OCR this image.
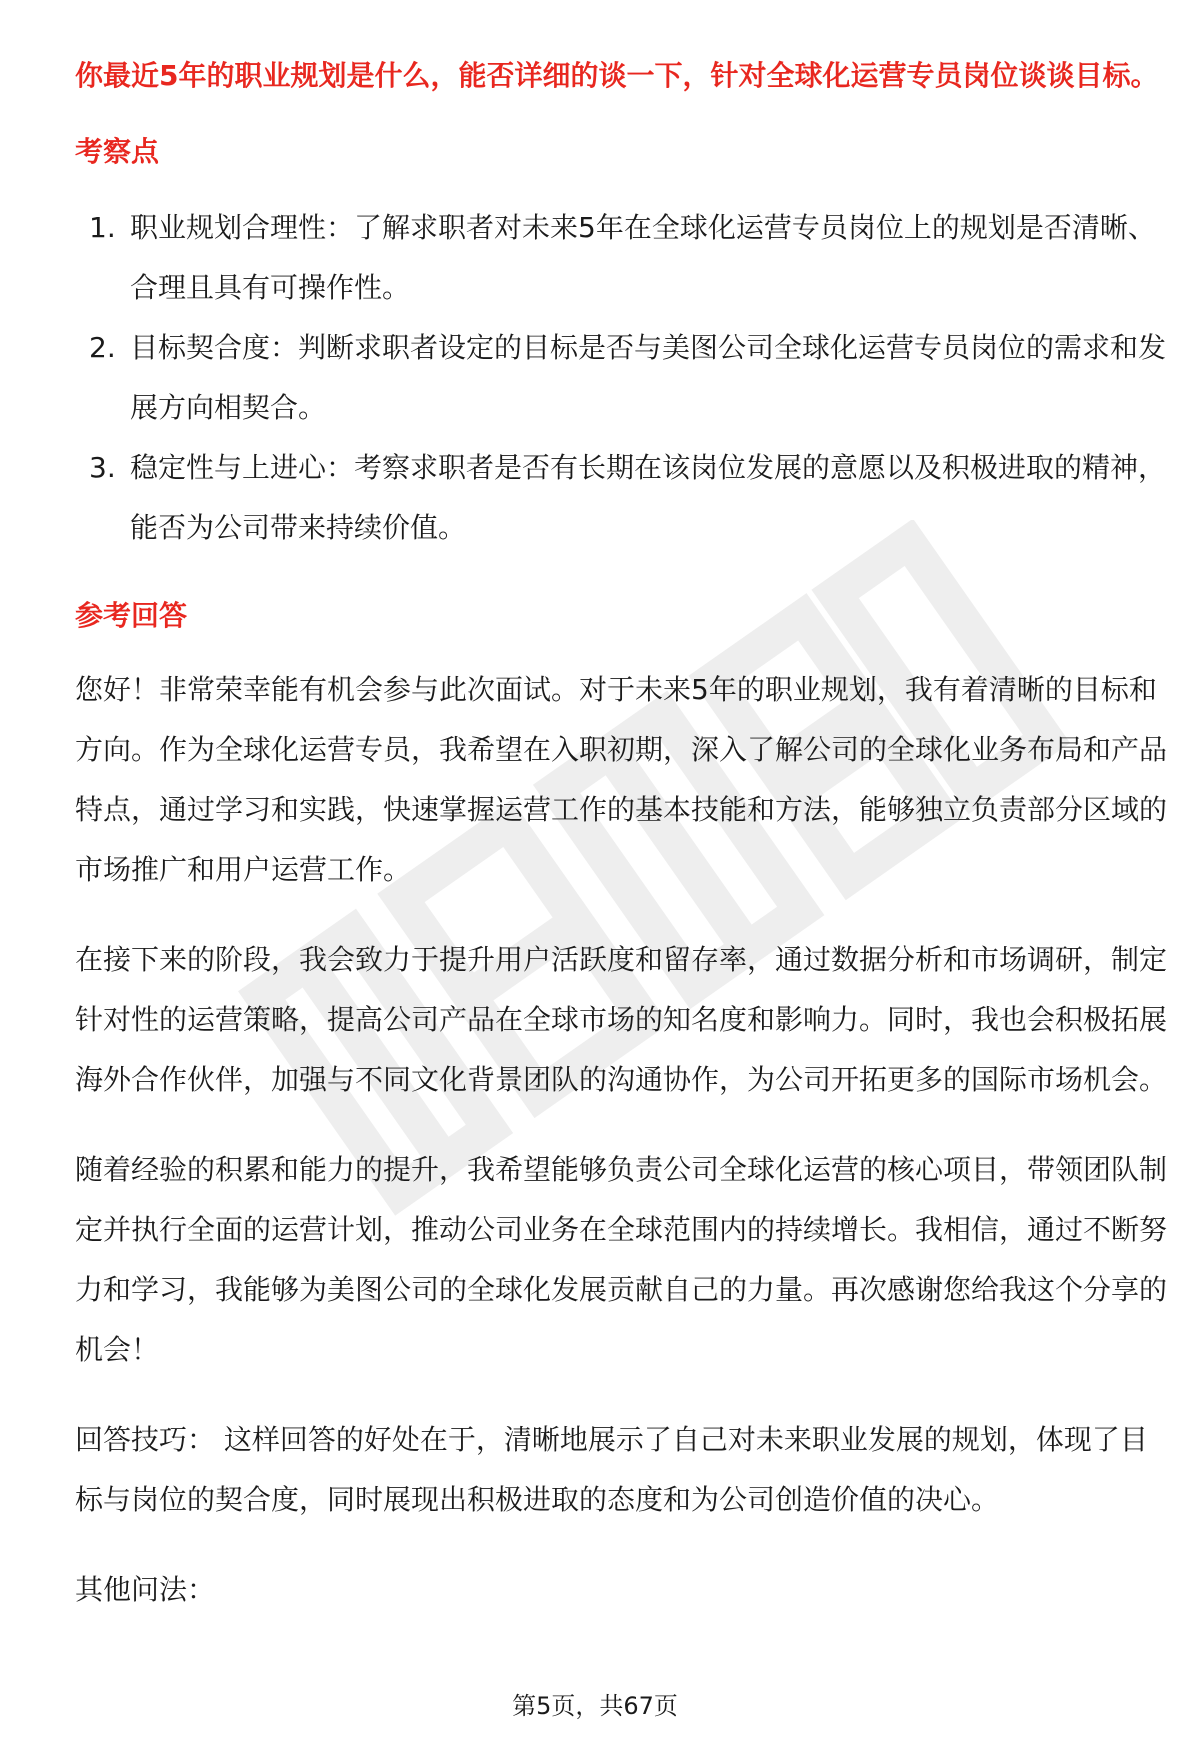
你最近5年的职业规划是什么，能否详细的谈一下，针对全球化运营专员岗位谈谈目标。

考察点
1. 职业规划合理性：了解求职者对未来5年在全球化运营专员岗位上的规划是否清晰、合理且具有可操作性。
2. 目标契合度：判断求职者设定的目标是否与美图公司全球化运营专员岗位的需求和发展方向相契合。
3. 稳定性与上进心：考察求职者是否有长期在该岗位发展的意愿以及积极进取的精神，能否为公司带来持续价值。
参考回答

您好！非常荣幸能有机会参与此次面试。对于未来5年的职业规划，我有着清晰的目标和方向。作为全球化运营专员，我希望在入职初期，深入了解公司的全球化业务布局和产品特点，通过学习和实践，快速掌握运营工作的基本技能和方法，能够独立负责部分区域的市场推广和用户运营工作。

在接下来的阶段，我会致力于提升用户活跃度和留存率，通过数据分析和市场调研，制定针对性的运营策略，提高公司产品在全球市场的知名度和影响力。同时，我也会积极拓展海外合作伙伴，加强与不同文化背景团队的沟通协作，为公司开拓更多的国际市场机会。

随着经验的积累和能力的提升，我希望能够负责公司全球化运营的核心项目，带领团队制定并执行全面的运营计划，推动公司业务在全球范围内的持续增长。我相信，通过不断努力和学习，我能够为美图公司的全球化发展贡献自己的力量。再次感谢您给我这个分享的机会！

回答技巧： 这样回答的好处在于，清晰地展示了自己对未来职业发展的规划，体现了目标与岗位的契合度，同时展现出积极进取的态度和为公司创造价值的决心。

其他问法：

第5页，共67页
